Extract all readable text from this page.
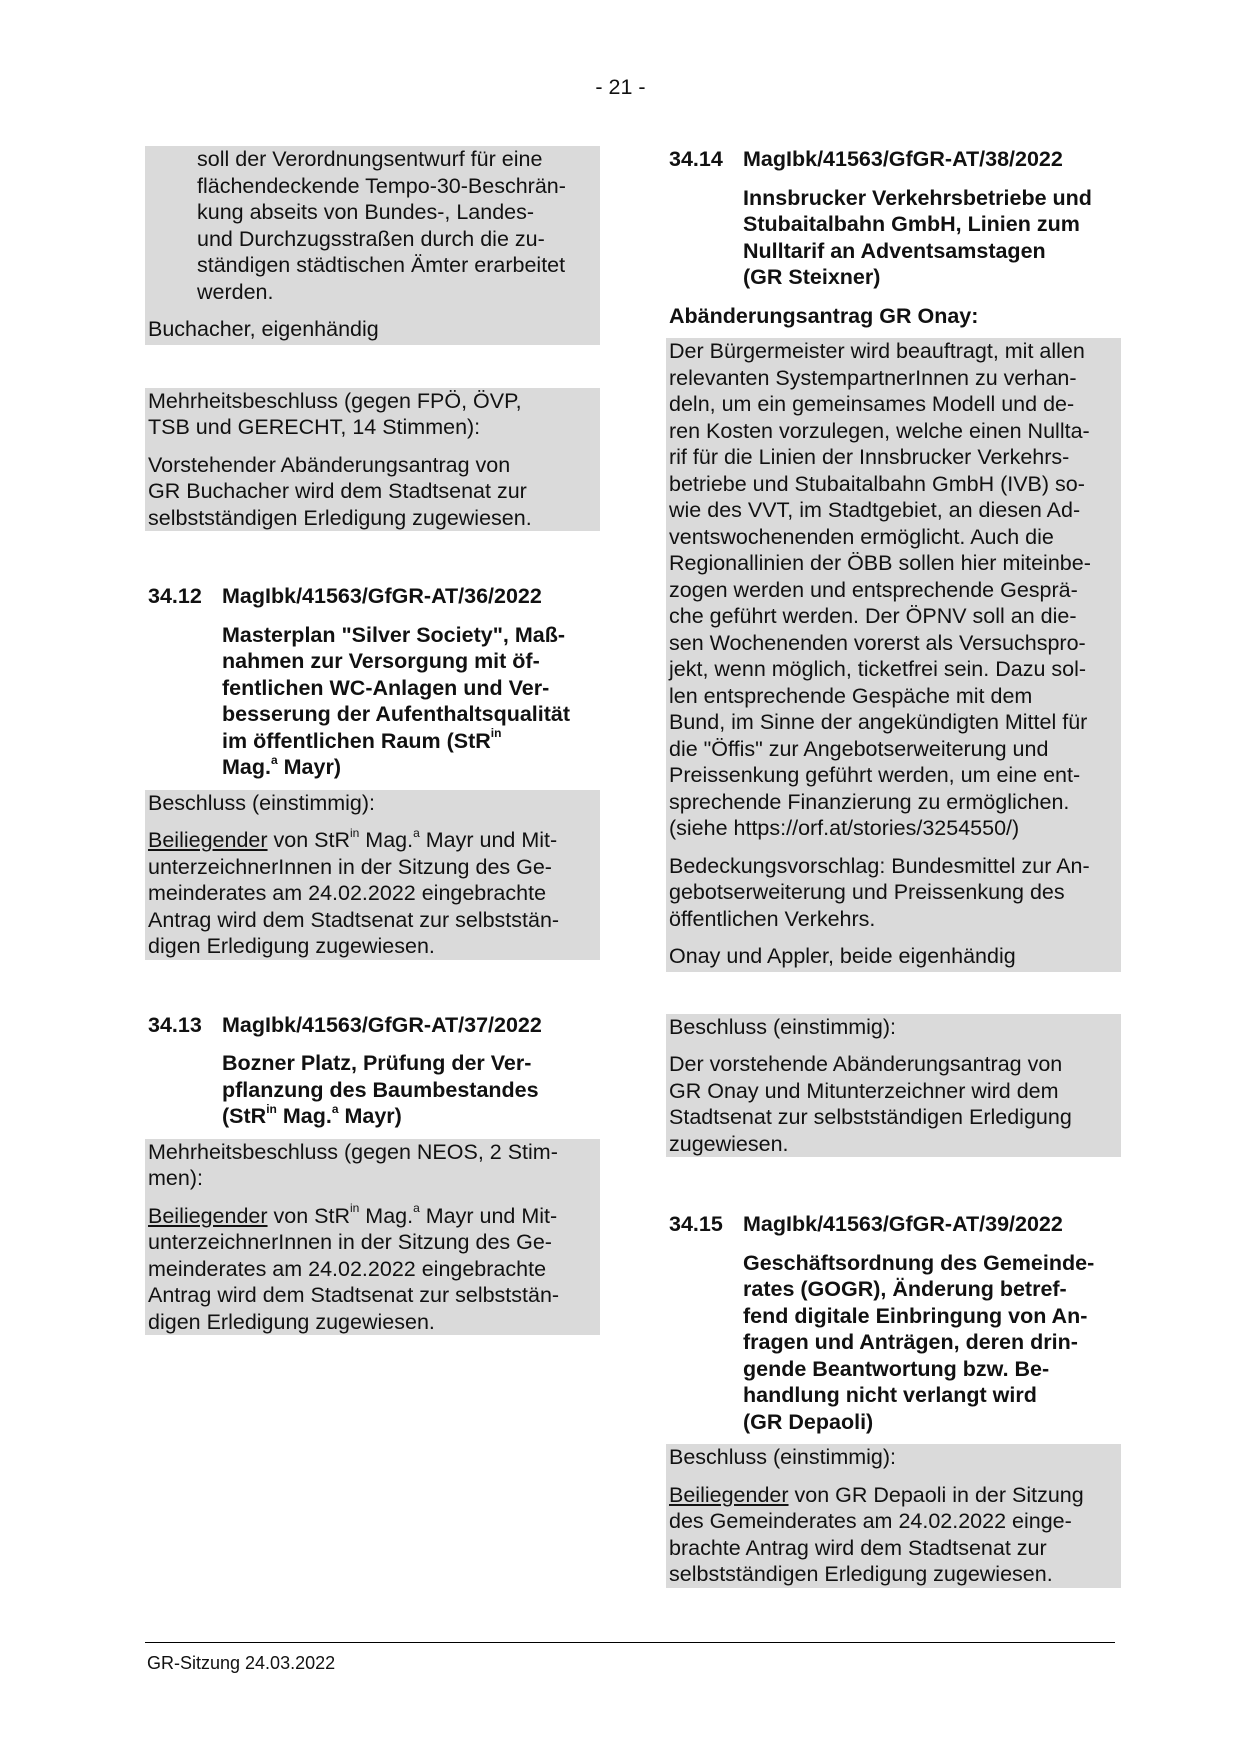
- 21 -
soll der Verordnungsentwurf für eine
flächendeckende Tempo-30-Beschrän-
kung abseits von Bundes-, Landes-
und Durchzugsstraßen durch die zu-
ständigen städtischen Ämter erarbeitet
werden.
Buchacher, eigenhändig
Mehrheitsbeschluss (gegen FPÖ, ÖVP,
TSB und GERECHT, 14 Stimmen):
Vorstehender Abänderungsantrag von
GR Buchacher wird dem Stadtsenat zur
selbstständigen Erledigung zugewiesen.
34.12 MagIbk/41563/GfGR-AT/36/2022
Masterplan "Silver Society", Maß-
nahmen zur Versorgung mit öf-
fentlichen WC-Anlagen und Ver-
besserung der Aufenthaltsqualität
im öffentlichen Raum (StR$^{in}$
Mag.$^a$ Mayr)
Beschluss (einstimmig):
Beiliegender von StR$^{in}$ Mag.$^a$ Mayr und Mit-
unterzeichnerInnen in der Sitzung des Ge-
meinderates am 24.02.2022 eingebrachte
Antrag wird dem Stadtsenat zur selbststän-
digen Erledigung zugewiesen.
34.13 MagIbk/41563/GfGR-AT/37/2022
Bozner Platz, Prüfung der Ver-
pflanzung des Baumbestandes
(StR$^{in}$ Mag.$^a$ Mayr)
Mehrheitsbeschluss (gegen NEOS, 2 Stim-
men):
Beiliegender von StR$^{in}$ Mag.$^a$ Mayr und Mit-
unterzeichnerInnen in der Sitzung des Ge-
meinderates am 24.02.2022 eingebrachte
Antrag wird dem Stadtsenat zur selbststän-
digen Erledigung zugewiesen.
34.14 MagIbk/41563/GfGR-AT/38/2022
Innsbrucker Verkehrsbetriebe und
Stubaitalbahn GmbH, Linien zum
Nulltarif an Adventsamstagen
(GR Steixner)
Abänderungsantrag GR Onay:
Der Bürgermeister wird beauftragt, mit allen
relevanten SystempartnerInnen zu verhan-
deln, um ein gemeinsames Modell und de-
ren Kosten vorzulegen, welche einen Nullta-
rif für die Linien der Innsbrucker Verkehrs-
betriebe und Stubaitalbahn GmbH (IVB) so-
wie des VVT, im Stadtgebiet, an diesen Ad-
ventswochenenden ermöglicht. Auch die
Regionallinien der ÖBB sollen hier miteinbe-
zogen werden und entsprechende Gesprä-
che geführt werden. Der ÖPNV soll an die-
sen Wochenenden vorerst als Versuchspro-
jekt, wenn möglich, ticketfrei sein. Dazu sol-
len entsprechende Gespäche mit dem
Bund, im Sinne der angekündigten Mittel für
die "Öffis" zur Angebotserweiterung und
Preissenkung geführt werden, um eine ent-
sprechende Finanzierung zu ermöglichen.
(siehe https://orf.at/stories/3254550/)
Bedeckungsvorschlag: Bundesmittel zur An-
gebotserweiterung und Preissenkung des
öffentlichen Verkehrs.
Onay und Appler, beide eigenhändig
Beschluss (einstimmig):
Der vorstehende Abänderungsantrag von
GR Onay und Mitunterzeichner wird dem
Stadtsenat zur selbstständigen Erledigung
zugewiesen.
34.15 MagIbk/41563/GfGR-AT/39/2022
Geschäftsordnung des Gemeinde-
rates (GOGR), Änderung betref-
fend digitale Einbringung von An-
fragen und Anträgen, deren drin-
gende Beantwortung bzw. Be-
handlung nicht verlangt wird
(GR Depaoli)
Beschluss (einstimmig):
Beiliegender von GR Depaoli in der Sitzung
des Gemeinderates am 24.02.2022 einge-
brachte Antrag wird dem Stadtsenat zur
selbstständigen Erledigung zugewiesen.
GR-Sitzung 24.03.2022
